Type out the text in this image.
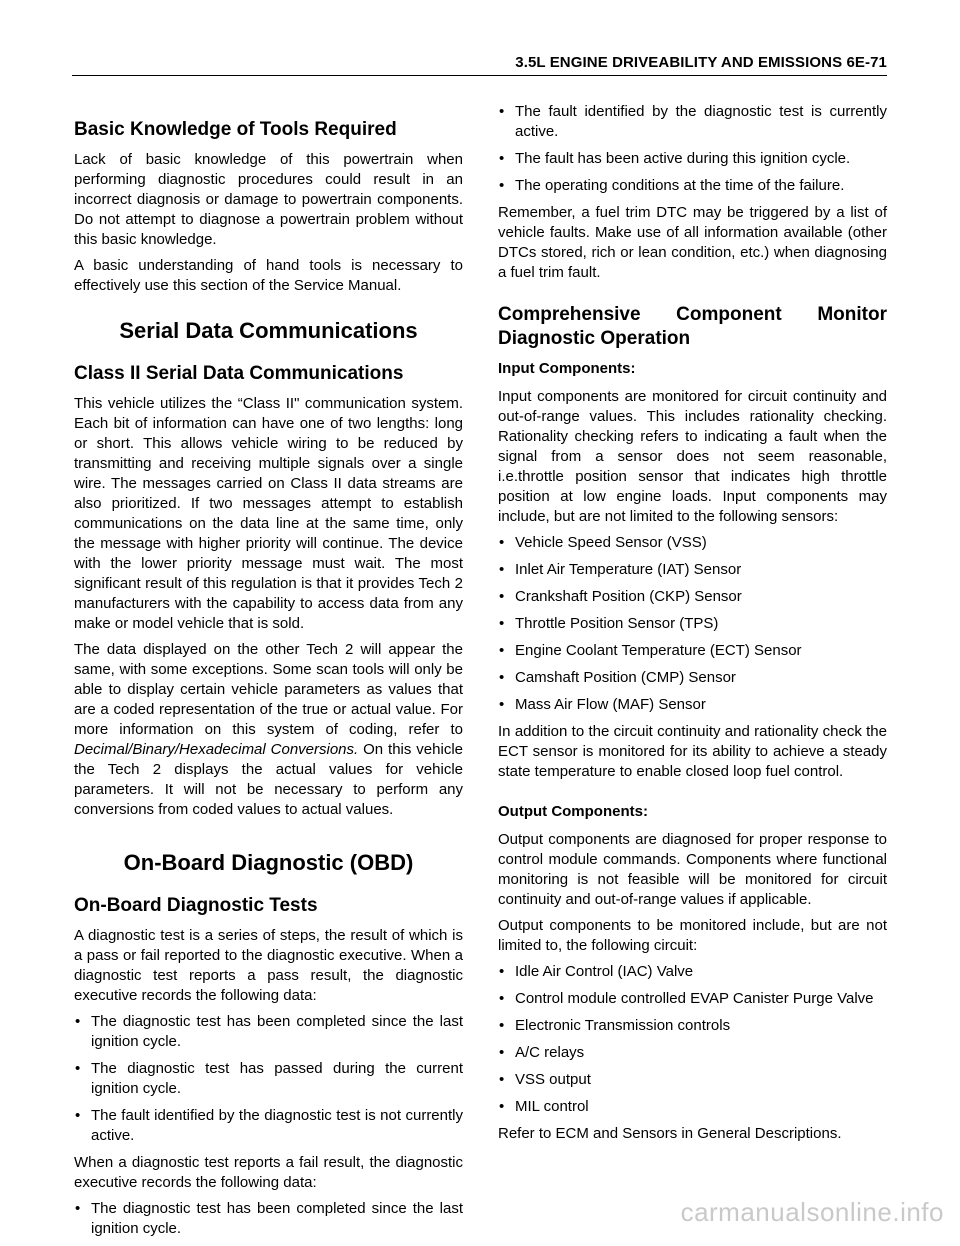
3.5L ENGINE DRIVEABILITY AND EMISSIONS 6E-71
Basic Knowledge of Tools Required

Lack of basic knowledge of this powertrain when performing diagnostic procedures could result in an incorrect diagnosis or damage to powertrain components. Do not attempt to diagnose a powertrain problem without this basic knowledge.

A basic understanding of hand tools is necessary to effectively use this section of the Service Manual.

Serial Data Communications
Class II Serial Data Communications

This vehicle utilizes the “Class II" communication system. Each bit of information can have one of two lengths: long or short. This allows vehicle wiring to be reduced by transmitting and receiving multiple signals over a single wire. The messages carried on Class II data streams are also prioritized. If two messages attempt to establish communications on the data line at the same time, only the message with higher priority will continue. The device with the lower priority message must wait. The most significant result of this regulation is that it provides Tech 2 manufacturers with the capability to access data from any make or model vehicle that is sold.

The data displayed on the other Tech 2 will appear the same, with some exceptions. Some scan tools will only be able to display certain vehicle parameters as values that are a coded representation of the true or actual value. For more information on this system of coding, refer to Decimal/Binary/Hexadecimal Conversions. On this vehicle the Tech 2 displays the actual values for vehicle parameters. It will not be necessary to perform any conversions from coded values to actual values.

On-Board Diagnostic (OBD)
On-Board Diagnostic Tests

A diagnostic test is a series of steps, the result of which is a pass or fail reported to the diagnostic executive. When a diagnostic test reports a pass result, the diagnostic executive records the following data:

• The diagnostic test has been completed since the last ignition cycle.
• The diagnostic test has passed during the current ignition cycle.
• The fault identified by the diagnostic test is not currently active.

When a diagnostic test reports a fail result, the diagnostic executive records the following data:

• The diagnostic test has been completed since the last ignition cycle.
• The fault identified by the diagnostic test is currently active.
• The fault has been active during this ignition cycle.
• The operating conditions at the time of the failure.

Remember, a fuel trim DTC may be triggered by a list of vehicle faults. Make use of all information available (other DTCs stored, rich or lean condition, etc.) when diagnosing a fuel trim fault.

Comprehensive Component Monitor Diagnostic Operation
Input Components:

Input components are monitored for circuit continuity and out-of-range values. This includes rationality checking. Rationality checking refers to indicating a fault when the signal from a sensor does not seem reasonable, i.e.throttle position sensor that indicates high throttle position at low engine loads. Input components may include, but are not limited to the following sensors:

• Vehicle Speed Sensor (VSS)
• Inlet Air Temperature (IAT) Sensor
• Crankshaft Position (CKP) Sensor
• Throttle Position Sensor (TPS)
• Engine Coolant Temperature (ECT) Sensor
• Camshaft Position (CMP) Sensor
• Mass Air Flow (MAF) Sensor

In addition to the circuit continuity and rationality check the ECT sensor is monitored for its ability to achieve a steady state temperature to enable closed loop fuel control.

Output Components:

Output components are diagnosed for proper response to control module commands. Components where functional monitoring is not feasible will be monitored for circuit continuity and out-of-range values if applicable.

Output components to be monitored include, but are not limited to, the following circuit:

• Idle Air Control (IAC) Valve
• Control module controlled EVAP Canister Purge Valve
• Electronic Transmission controls
• A/C relays
• VSS output
• MIL control

Refer to ECM and Sensors in General Descriptions.

carmanualsonline.info
